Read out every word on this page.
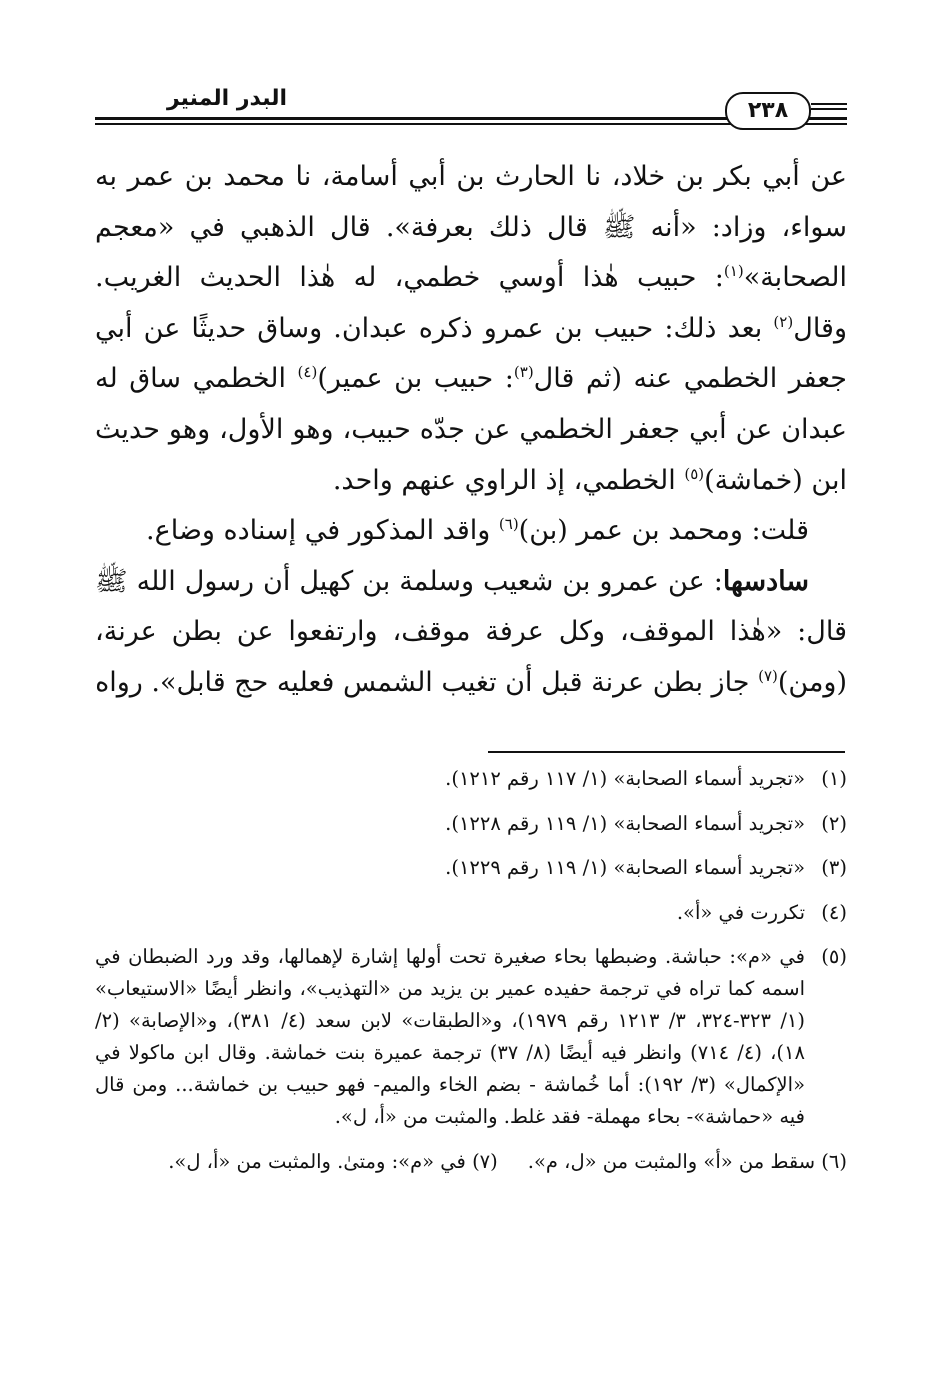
البدر المنير	٢٣٨

عن أبي بكر بن خلاد، نا الحارث بن أبي أسامة، نا محمد بن عمر به سواء، وزاد: «أنه ﷺ قال ذلك بعرفة». قال الذهبي في «معجم الصحابة»$^{(١)}$: حبيب هٰذا أوسي خطمي، له هٰذا الحديث الغريب. وقال$^{(٢)}$ بعد ذلك: حبيب بن عمرو ذكره عبدان. وساق حديثًا عن أبي جعفر الخطمي عنه (ثم قال$^{(٣)}$: حبيب بن عمير)$^{(٤)}$ الخطمي ساق له عبدان عن أبي جعفر الخطمي عن جدّه حبيب، وهو الأول، وهو حديث ابن (خماشة)$^{(٥)}$ الخطمي، إذ الراوي عنهم واحد.

قلت: ومحمد بن عمر (بن)$^{(٦)}$ واقد المذكور في إسناده وضاع.

سادسها: عن عمرو بن شعيب وسلمة بن كهيل أن رسول الله ﷺ قال: «هٰذا الموقف، وكل عرفة موقف، وارتفعوا عن بطن عرنة، (ومن)$^{(٧)}$ جاز بطن عرنة قبل أن تغيب الشمس فعليه حج قابل». رواه

(١)
«تجريد أسماء الصحابة» (١/ ١١٧ رقم ١٢١٢).
(٢)
«تجريد أسماء الصحابة» (١/ ١١٩ رقم ١٢٢٨).
(٣)
«تجريد أسماء الصحابة» (١/ ١١٩ رقم ١٢٢٩).
(٤)
تكررت في «أ».
(٥)
في «م»: حباشة. وضبطها بحاء صغيرة تحت أولها إشارة لإهمالها، وقد ورد الضبطان في اسمه كما تراه في ترجمة حفيده عمير بن يزيد من «التهذيب»، وانظر أيضًا «الاستيعاب» (١/ ٣٢٣-٣٢٤، ٣/ ١٢١٣ رقم ١٩٧٩)، و«الطبقات» لابن سعد (٤/ ٣٨١)، و«الإصابة» (٢/ ١٨)، (٤/ ٧١٤) وانظر فيه أيضًا (٨/ ٣٧) ترجمة عميرة بنت خماشة. وقال ابن ماكولا في «الإكمال» (٣/ ١٩٢): أما خُماشة - بضم الخاء والميم- فهو حبيب بن خماشة... ومن قال فيه «حماشة»- بحاء مهملة- فقد غلط. والمثبت من «أ، ل».
(٦) سقط من «أ» والمثبت من «ل، م».
(٧) في «م»: ومتىٰ. والمثبت من «أ، ل».
